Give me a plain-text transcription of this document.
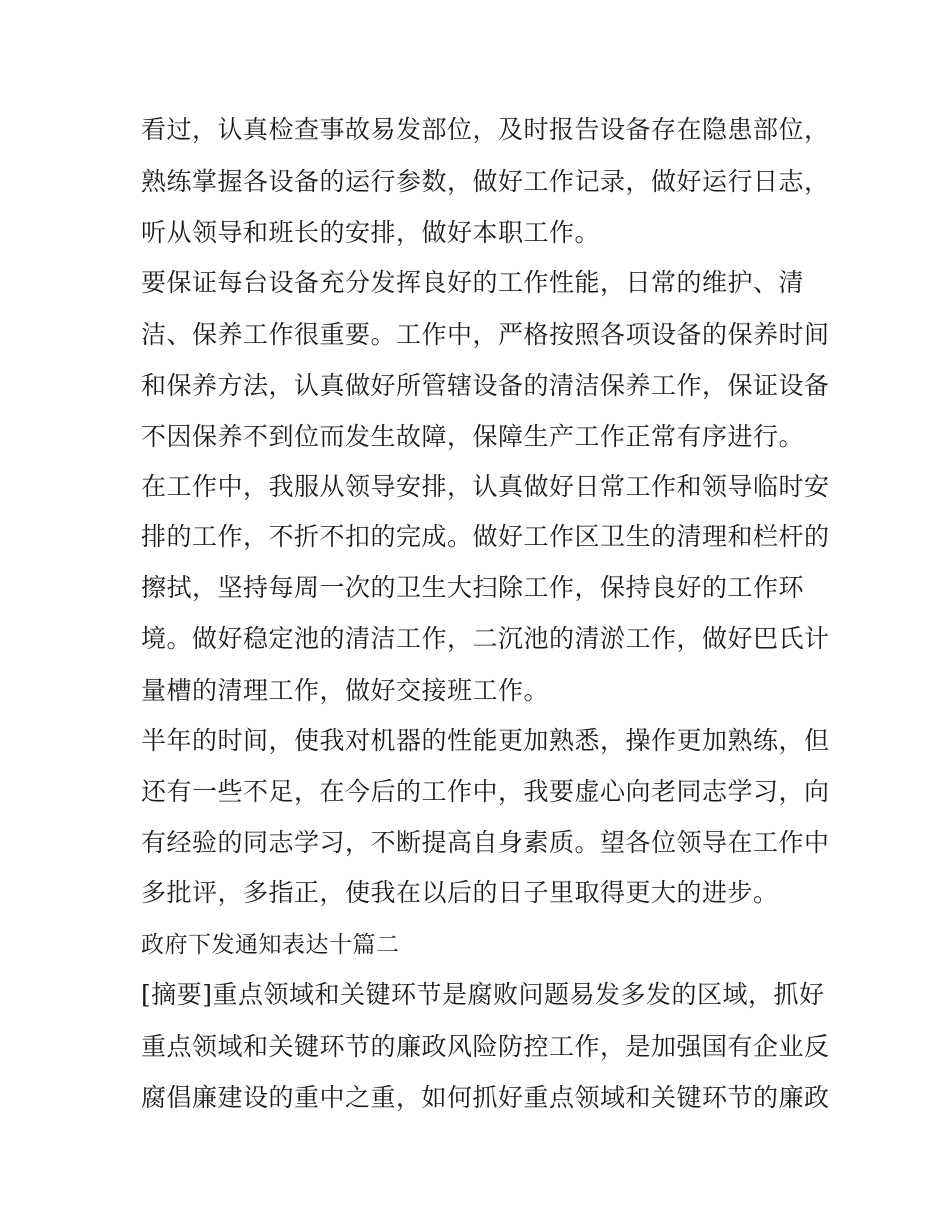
看过，认真检查事故易发部位，及时报告设备存在隐患部位，

熟练掌握各设备的运行参数，做好工作记录，做好运行日志，

听从领导和班长的安排，做好本职工作。

要保证每台设备充分发挥良好的工作性能，日常的维护、清

洁、保养工作很重要。工作中，严格按照各项设备的保养时间

和保养方法，认真做好所管辖设备的清洁保养工作，保证设备

不因保养不到位而发生故障，保障生产工作正常有序进行。

在工作中，我服从领导安排，认真做好日常工作和领导临时安

排的工作，不折不扣的完成。做好工作区卫生的清理和栏杆的

擦拭，坚持每周一次的卫生大扫除工作，保持良好的工作环

境。做好稳定池的清洁工作，二沉池的清淤工作，做好巴氏计

量槽的清理工作，做好交接班工作。

半年的时间，使我对机器的性能更加熟悉，操作更加熟练，但

还有一些不足，在今后的工作中，我要虚心向老同志学习，向

有经验的同志学习，不断提高自身素质。望各位领导在工作中

多批评，多指正，使我在以后的日子里取得更大的进步。

政府下发通知表达十篇二

[摘要]重点领域和关键环节是腐败问题易发多发的区域，抓好

重点领域和关键环节的廉政风险防控工作，是加强国有企业反

腐倡廉建设的重中之重，如何抓好重点领域和关键环节的廉政
